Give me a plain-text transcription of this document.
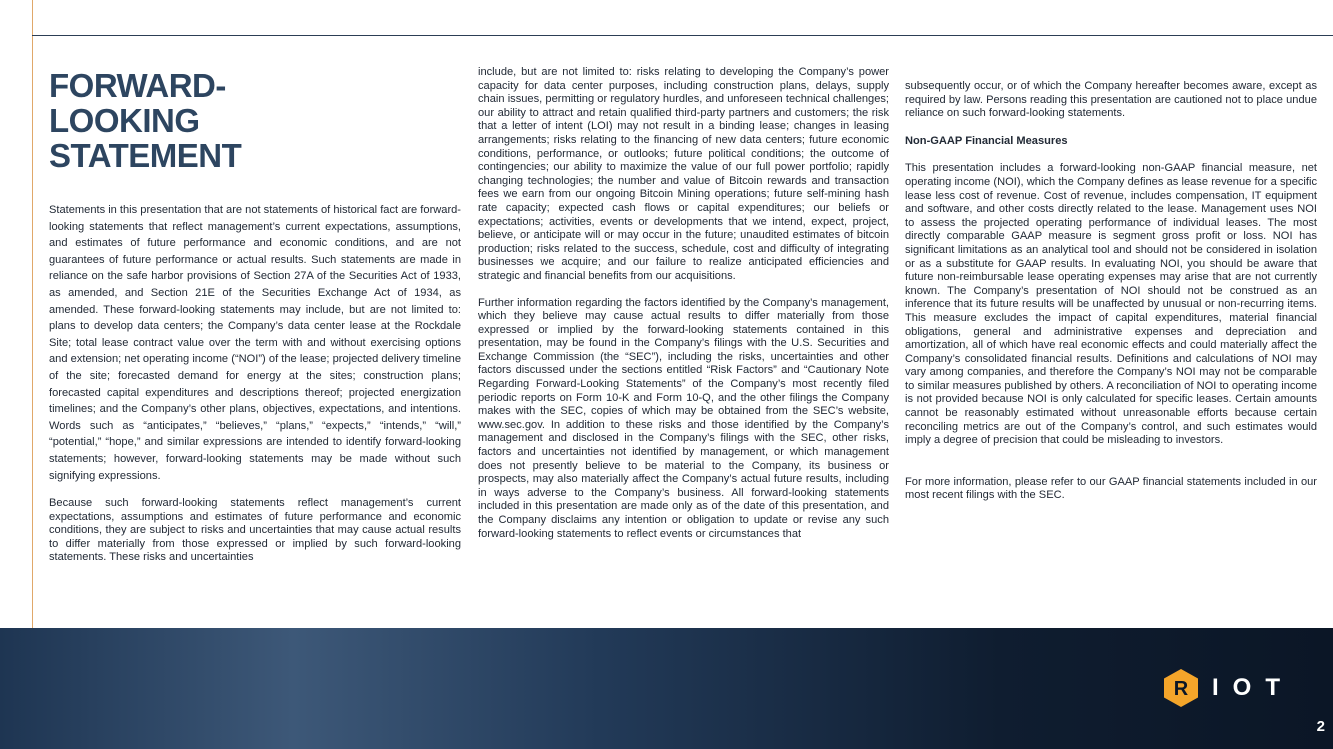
FORWARD-
LOOKING
STATEMENT

Statements in this presentation that are not statements of historical fact are forward-looking statements that reflect management’s current expectations, assumptions, and estimates of future performance and economic conditions, and are not guarantees of future performance or actual results. Such statements are made in reliance on the safe harbor provisions of Section 27A of the Securities Act of 1933, as amended, and Section 21E of the Securities Exchange Act of 1934, as amended. These forward-looking statements may include, but are not limited to: plans to develop data centers; the Company’s data center lease at the Rockdale Site; total lease contract value over the term with and without exercising options and extension; net operating income (“NOI”) of the lease; projected delivery timeline of the site; forecasted demand for energy at the sites; construction plans; forecasted capital expenditures and descriptions thereof; projected energization timelines; and the Company’s other plans, objectives, expectations, and intentions. Words such as “anticipates,” “believes,” “plans,” “expects,” “intends,” “will,” “potential,” “hope,” and similar expressions are intended to identify forward-looking statements; however, forward-looking statements may be made without such signifying expressions.

Because such forward-looking statements reflect management’s current expectations, assumptions and estimates of future performance and economic conditions, they are subject to risks and uncertainties that may cause actual results to differ materially from those expressed or implied by such forward-looking statements. These risks and uncertainties

include, but are not limited to: risks relating to developing the Company’s power capacity for data center purposes, including construction plans, delays, supply chain issues, permitting or regulatory hurdles, and unforeseen technical challenges; our ability to attract and retain qualified third-party partners and customers; the risk that a letter of intent (LOI) may not result in a binding lease; changes in leasing arrangements; risks relating to the financing of new data centers; future economic conditions, performance, or outlooks; future political conditions; the outcome of contingencies; our ability to maximize the value of our full power portfolio; rapidly changing technologies; the number and value of Bitcoin rewards and transaction fees we earn from our ongoing Bitcoin Mining operations; future self-mining hash rate capacity; expected cash flows or capital expenditures; our beliefs or expectations; activities, events or developments that we intend, expect, project, believe, or anticipate will or may occur in the future; unaudited estimates of bitcoin production; risks related to the success, schedule, cost and difficulty of integrating businesses we acquire; and our failure to realize anticipated efficiencies and strategic and financial benefits from our acquisitions.

Further information regarding the factors identified by the Company’s management, which they believe may cause actual results to differ materially from those expressed or implied by the forward-looking statements contained in this presentation, may be found in the Company’s filings with the U.S. Securities and Exchange Commission (the “SEC”), including the risks, uncertainties and other factors discussed under the sections entitled “Risk Factors” and “Cautionary Note Regarding Forward-Looking Statements” of the Company’s most recently filed periodic reports on Form 10-K and Form 10-Q, and the other filings the Company makes with the SEC, copies of which may be obtained from the SEC’s website, www.sec.gov. In addition to these risks and those identified by the Company’s management and disclosed in the Company’s filings with the SEC, other risks, factors and uncertainties not identified by management, or which management does not presently believe to be material to the Company, its business or prospects, may also materially affect the Company’s actual future results, including in ways adverse to the Company’s business. All forward-looking statements included in this presentation are made only as of the date of this presentation, and the Company disclaims any intention or obligation to update or revise any such forward-looking statements to reflect events or circumstances that

subsequently occur, or of which the Company hereafter becomes aware, except as required by law. Persons reading this presentation are cautioned not to place undue reliance on such forward-looking statements.

Non-GAAP Financial Measures

This presentation includes a forward-looking non-GAAP financial measure, net operating income (NOI), which the Company defines as lease revenue for a specific lease less cost of revenue. Cost of revenue, includes compensation, IT equipment and software, and other costs directly related to the lease. Management uses NOI to assess the projected operating performance of individual leases. The most directly comparable GAAP measure is segment gross profit or loss. NOI has significant limitations as an analytical tool and should not be considered in isolation or as a substitute for GAAP results. In evaluating NOI, you should be aware that future non-reimbursable lease operating expenses may arise that are not currently known. The Company’s presentation of NOI should not be construed as an inference that its future results will be unaffected by unusual or non-recurring items. This measure excludes the impact of capital expenditures, material financial obligations, general and administrative expenses and depreciation and amortization, all of which have real economic effects and could materially affect the Company’s consolidated financial results. Definitions and calculations of NOI may vary among companies, and therefore the Company’s NOI may not be comparable to similar measures published by others. A reconciliation of NOI to operating income is not provided because NOI is only calculated for specific leases. Certain amounts cannot be reasonably estimated without unreasonable efforts because certain reconciling metrics are out of the Company’s control, and such estimates would imply a degree of precision that could be misleading to investors.

For more information, please refer to our GAAP financial statements included in our most recent filings with the SEC.

R IOT
2
